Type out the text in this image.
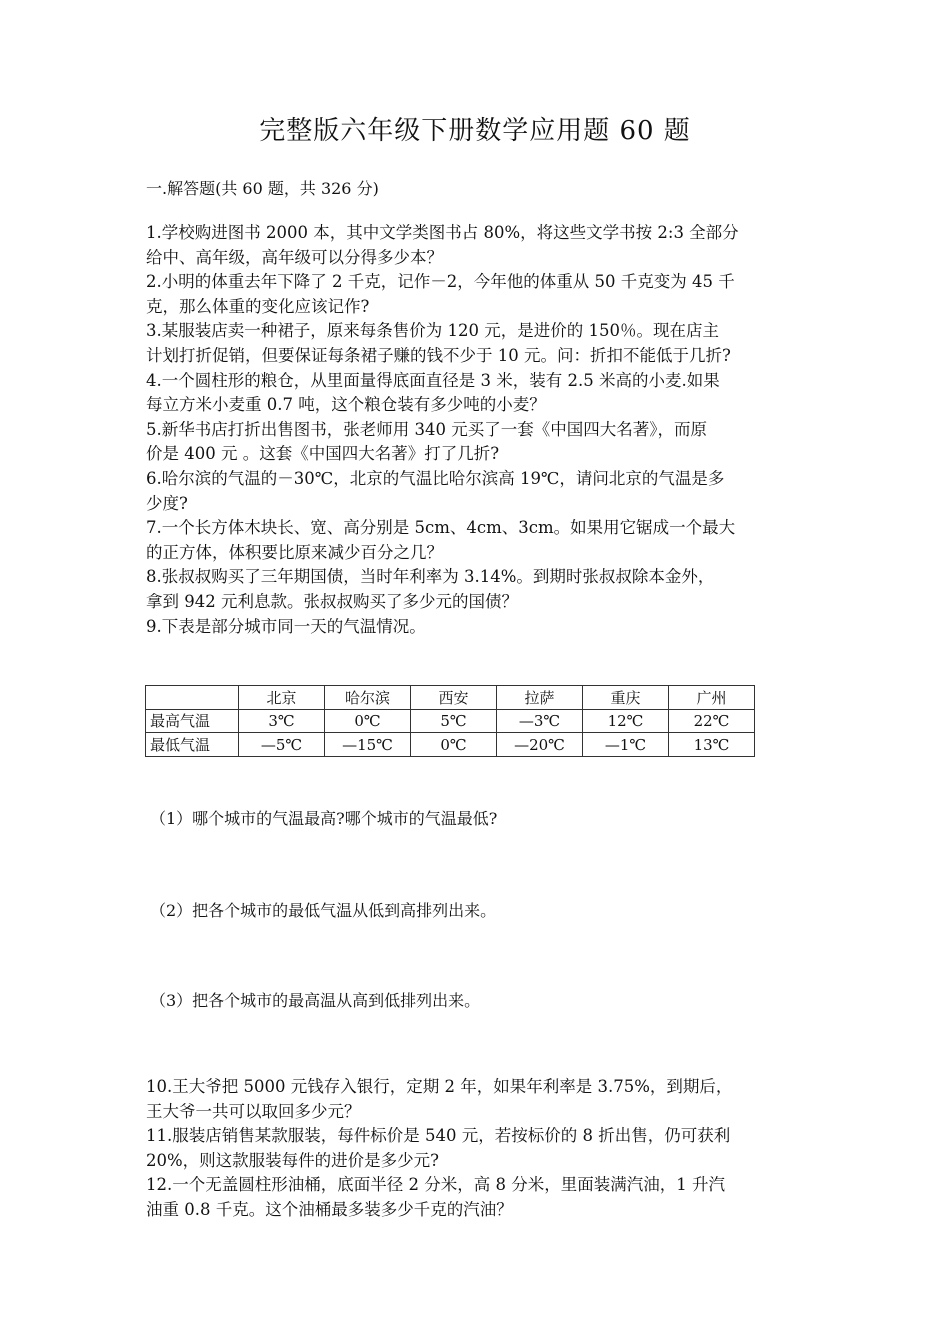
完整版六年级下册数学应用题 60 题
一.解答题(共 60 题，共 326 分)
1.学校购进图书 2000 本，其中文学类图书占 80%，将这些文学书按 2:3 全部分
给中、高年级，高年级可以分得多少本？
2.小明的体重去年下降了 2 千克，记作－2，今年他的体重从 50 千克变为 45 千
克，那么体重的变化应该记作?
3.某服装店卖一种裙子，原来每条售价为 120 元，是进价的 150％。现在店主
计划打折促销，但要保证每条裙子赚的钱不少于 10 元。问：折扣不能低于几折?
4.一个圆柱形的粮仓，从里面量得底面直径是 3 米，装有 2.5 米高的小麦.如果
每立方米小麦重 0.7 吨，这个粮仓装有多少吨的小麦？
5.新华书店打折出售图书，张老师用 340 元买了一套《中国四大名著》，而原
价是 400 元 。这套《中国四大名著》打了几折?
6.哈尔滨的气温的－30℃，北京的气温比哈尔滨高 19℃，请问北京的气温是多
少度?
7.一个长方体木块长、宽、高分别是 5cm、4cm、3cm。如果用它锯成一个最大
的正方体，体积要比原来减少百分之几？
8.张叔叔购买了三年期国债，当时年利率为 3.14%。到期时张叔叔除本金外，
拿到 942 元利息款。张叔叔购买了多少元的国债？
9.下表是部分城市同一天的气温情况。
	北京	哈尔滨	西安	拉萨	重庆	广州
最高气温	3℃	0℃	5℃	—3℃	12℃	22℃
最低气温	—5℃	—15℃	0℃	—20℃	—1℃	13℃
（1）哪个城市的气温最高?哪个城市的气温最低?
（2）把各个城市的最低气温从低到高排列出来。
（3）把各个城市的最高温从高到低排列出来。
10.王大爷把 5000 元钱存入银行，定期 2 年，如果年利率是 3.75%，到期后，
王大爷一共可以取回多少元？
11.服装店销售某款服装，每件标价是 540 元，若按标价的 8 折出售，仍可获利
20%，则这款服装每件的进价是多少元?
12.一个无盖圆柱形油桶，底面半径 2 分米，高 8 分米，里面装满汽油，1 升汽
油重 0.8 千克。这个油桶最多装多少千克的汽油？
